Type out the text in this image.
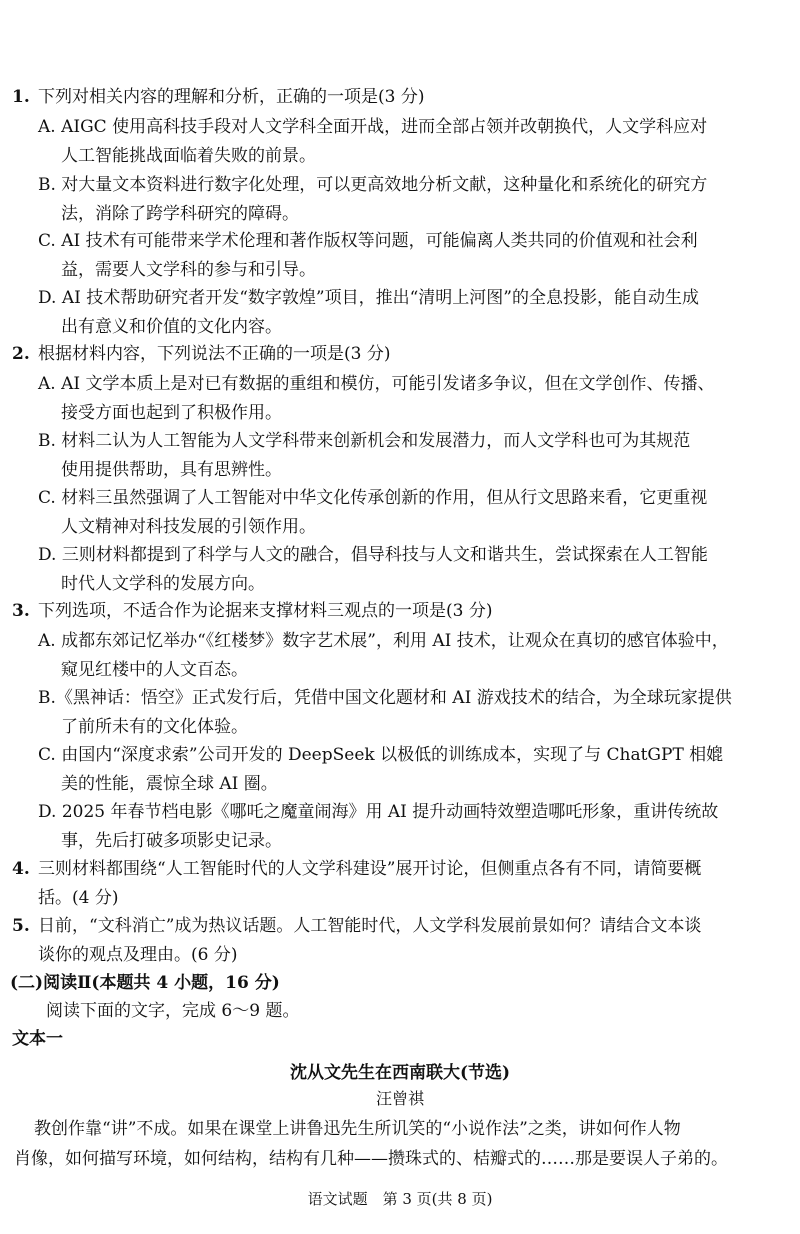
1. 下列对相关内容的理解和分析，正确的一项是(3 分)
A. AIGC 使用高科技手段对人文学科全面开战，进而全部占领并改朝换代，人文学科应对
人工智能挑战面临着失败的前景。
B. 对大量文本资料进行数字化处理，可以更高效地分析文献，这种量化和系统化的研究方
法，消除了跨学科研究的障碍。
C. AI 技术有可能带来学术伦理和著作版权等问题，可能偏离人类共同的价值观和社会利
益，需要人文学科的参与和引导。
D. AI 技术帮助研究者开发“数字敦煌”项目，推出“清明上河图”的全息投影，能自动生成
出有意义和价值的文化内容。
2. 根据材料内容，下列说法不正确的一项是(3 分)
A. AI 文学本质上是对已有数据的重组和模仿，可能引发诸多争议，但在文学创作、传播、
接受方面也起到了积极作用。
B. 材料二认为人工智能为人文学科带来创新机会和发展潜力，而人文学科也可为其规范
使用提供帮助，具有思辨性。
C. 材料三虽然强调了人工智能对中华文化传承创新的作用，但从行文思路来看，它更重视
人文精神对科技发展的引领作用。
D. 三则材料都提到了科学与人文的融合，倡导科技与人文和谐共生，尝试探索在人工智能
时代人文学科的发展方向。
3. 下列选项，不适合作为论据来支撑材料三观点的一项是(3 分)
A. 成都东郊记忆举办“《红楼梦》数字艺术展”，利用 AI 技术，让观众在真切的感官体验中，
窥见红楼中的人文百态。
B.《黑神话：悟空》正式发行后，凭借中国文化题材和 AI 游戏技术的结合，为全球玩家提供
了前所未有的文化体验。
C. 由国内“深度求索”公司开发的 DeepSeek 以极低的训练成本，实现了与 ChatGPT 相媲
美的性能，震惊全球 AI 圈。
D. 2025 年春节档电影《哪吒之魔童闹海》用 AI 提升动画特效塑造哪吒形象，重讲传统故
事，先后打破多项影史记录。
4. 三则材料都围绕“人工智能时代的人文学科建设”展开讨论，但侧重点各有不同，请简要概
括。(4 分)
5. 日前，“文科消亡”成为热议话题。人工智能时代，人文学科发展前景如何？请结合文本谈
谈你的观点及理由。(6 分)
(二)阅读Ⅱ(本题共 4 小题，16 分)
阅读下面的文字，完成 6～9 题。
文本一
沈从文先生在西南联大(节选)
汪曾祺
教创作靠“讲”不成。如果在课堂上讲鲁迅先生所讥笑的“小说作法”之类，讲如何作人物
肖像，如何描写环境，如何结构，结构有几种——攒珠式的、桔瓣式的……那是要误人子弟的。
语文试题　第 3 页(共 8 页)
